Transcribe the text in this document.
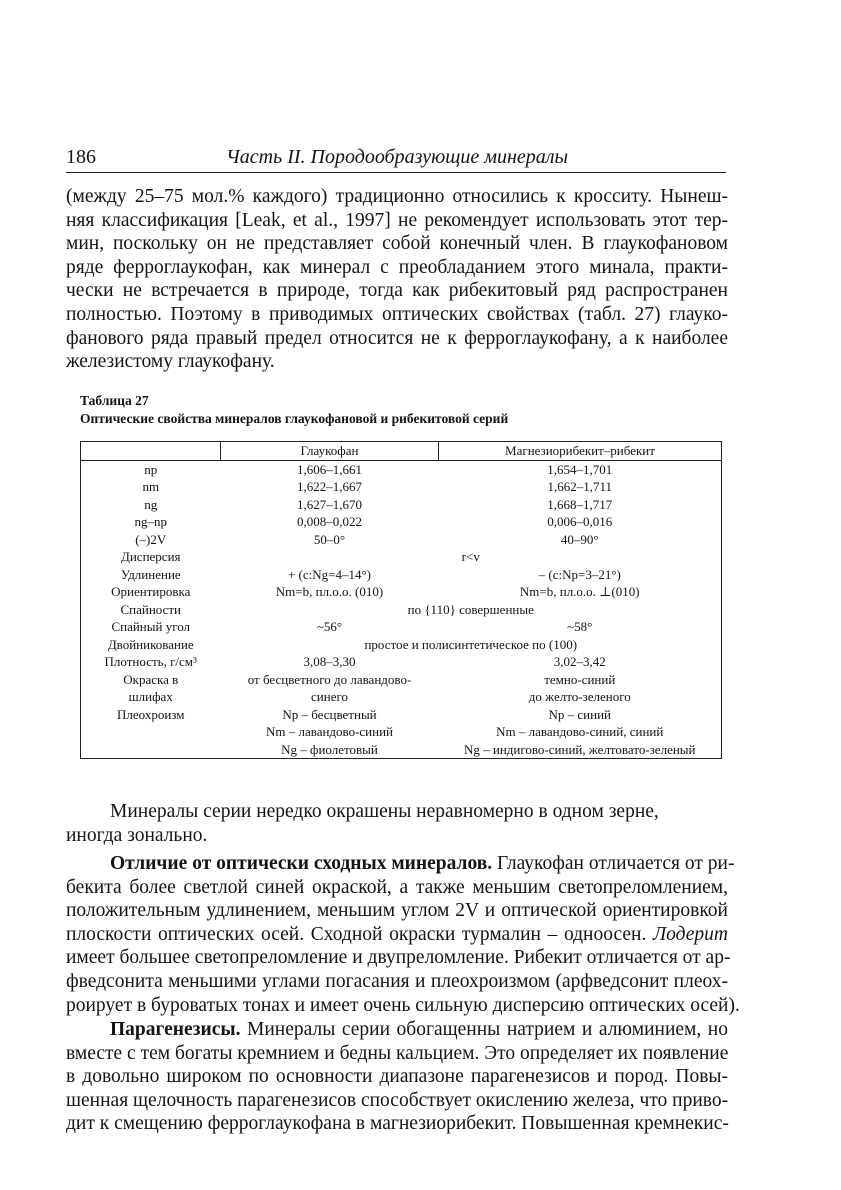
186	Часть II. Породообразующие минералы
(между 25–75 мол.% каждого) традиционно относились к кросситу. Нынеш-
няя классификация [Leak, et al., 1997] не рекомендует использовать этот тер-
мин, поскольку он не представляет собой конечный член. В глаукофановом
ряде ферроглаукофан, как минерал с преобладанием этого минала, практи-
чески не встречается в природе, тогда как рибекитовый ряд распространен
полностью. Поэтому в приводимых оптических свойствах (табл. 27) глауко-
фанового ряда правый предел относится не к ферроглаукофану, а к наиболее
железистому глаукофану.
Таблица 27
Оптические свойства минералов глаукофановой и рибекитовой серий
	Глаукофан	Магнезиорибекит–рибекит
np	1,606–1,661	1,654–1,701
nm	1,622–1,667	1,662–1,711
ng	1,627–1,670	1,668–1,717
ng–np	0,008–0,022	0,006–0,016
(–)2V	50–0°	40–90°
Дисперсия	r<v	
Удлинение	+ (c:Ng=4–14°)	– (c:Np=3–21°)
Ориентировка	Nm=b, пл.о.о. (010)	Nm=b, пл.о.о. ⊥(010)
Спайности	по {110} совершенные	
Спайный угол	~56°	~58°
Двойникование	простое и полисинтетическое по (100)	
Плотность, г/см³	3,08–3,30	3,02–3,42
Окраска в	от бесцветного до лавандово-	темно-синий
шлифах	синего	до желто-зеленого
Плеохроизм	Np – бесцветный	Np – синий
	Nm – лавандово-синий	Nm – лавандово-синий, синий
	Ng – фиолетовый	Ng – индигово-синий, желтовато-зеленый
Минералы серии нередко окрашены неравномерно в одном зерне,
иногда зонально.
Отличие от оптически сходных минералов. Глаукофан отличается от ри-
бекита более светлой синей окраской, а также меньшим светопреломлением,
положительным удлинением, меньшим углом 2V и оптической ориентировкой
плоскости оптических осей. Сходной окраски турмалин – одноосен. Лодерит
имеет большее светопреломление и двупреломление. Рибекит отличается от ар-
фведсонита меньшими углами погасания и плеохроизмом (арфведсонит плеох-
роирует в буроватых тонах и имеет очень сильную дисперсию оптических осей).
Парагенезисы. Минералы серии обогащенны натрием и алюминием, но
вместе с тем богаты кремнием и бедны кальцием. Это определяет их появление
в довольно широком по основности диапазоне парагенезисов и пород. Повы-
шенная щелочность парагенезисов способствует окислению железа, что приво-
дит к смещению ферроглаукофана в магнезиорибекит. Повышенная кремнекис-
